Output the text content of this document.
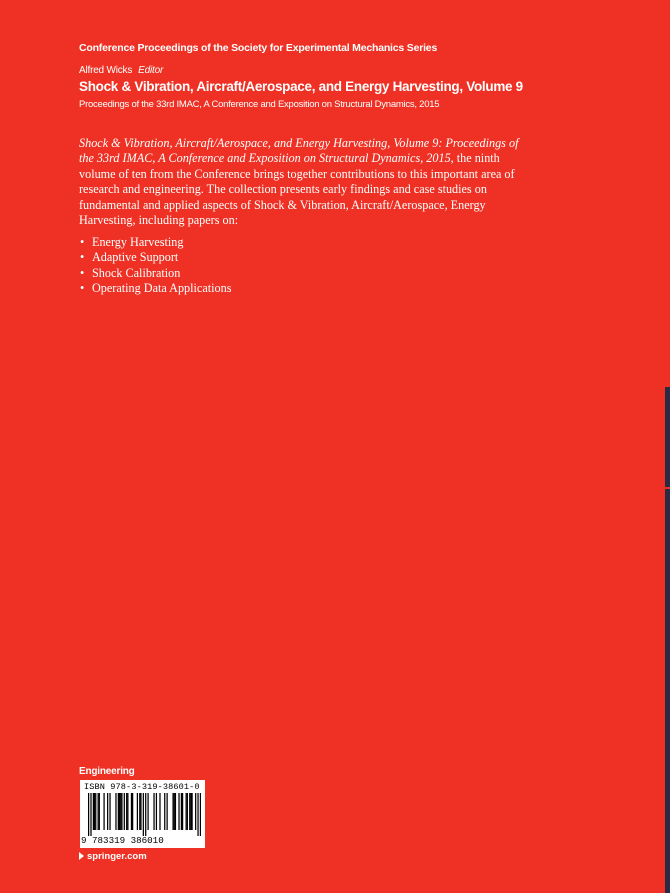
Conference Proceedings of the Society for Experimental Mechanics Series
Alfred Wicks Editor
Shock & Vibration, Aircraft/Aerospace, and Energy Harvesting, Volume 9
Proceedings of the 33rd IMAC, A Conference and Exposition on Structural Dynamics, 2015

Shock & Vibration, Aircraft/Aerospace, and Energy Harvesting, Volume 9: Proceedings of the 33rd IMAC, A Conference and Exposition on Structural Dynamics, 2015, the ninth volume of ten from the Conference brings together contributions to this important area of research and engineering. The collection presents early findings and case studies on fundamental and applied aspects of Shock & Vibration, Aircraft/Aerospace, Energy Harvesting, including papers on:

• Energy Harvesting
• Adaptive Support
• Shock Calibration
• Operating Data Applications
Engineering
ISBN 978-3-319-38601-0
9 783319 386010
springer.com
